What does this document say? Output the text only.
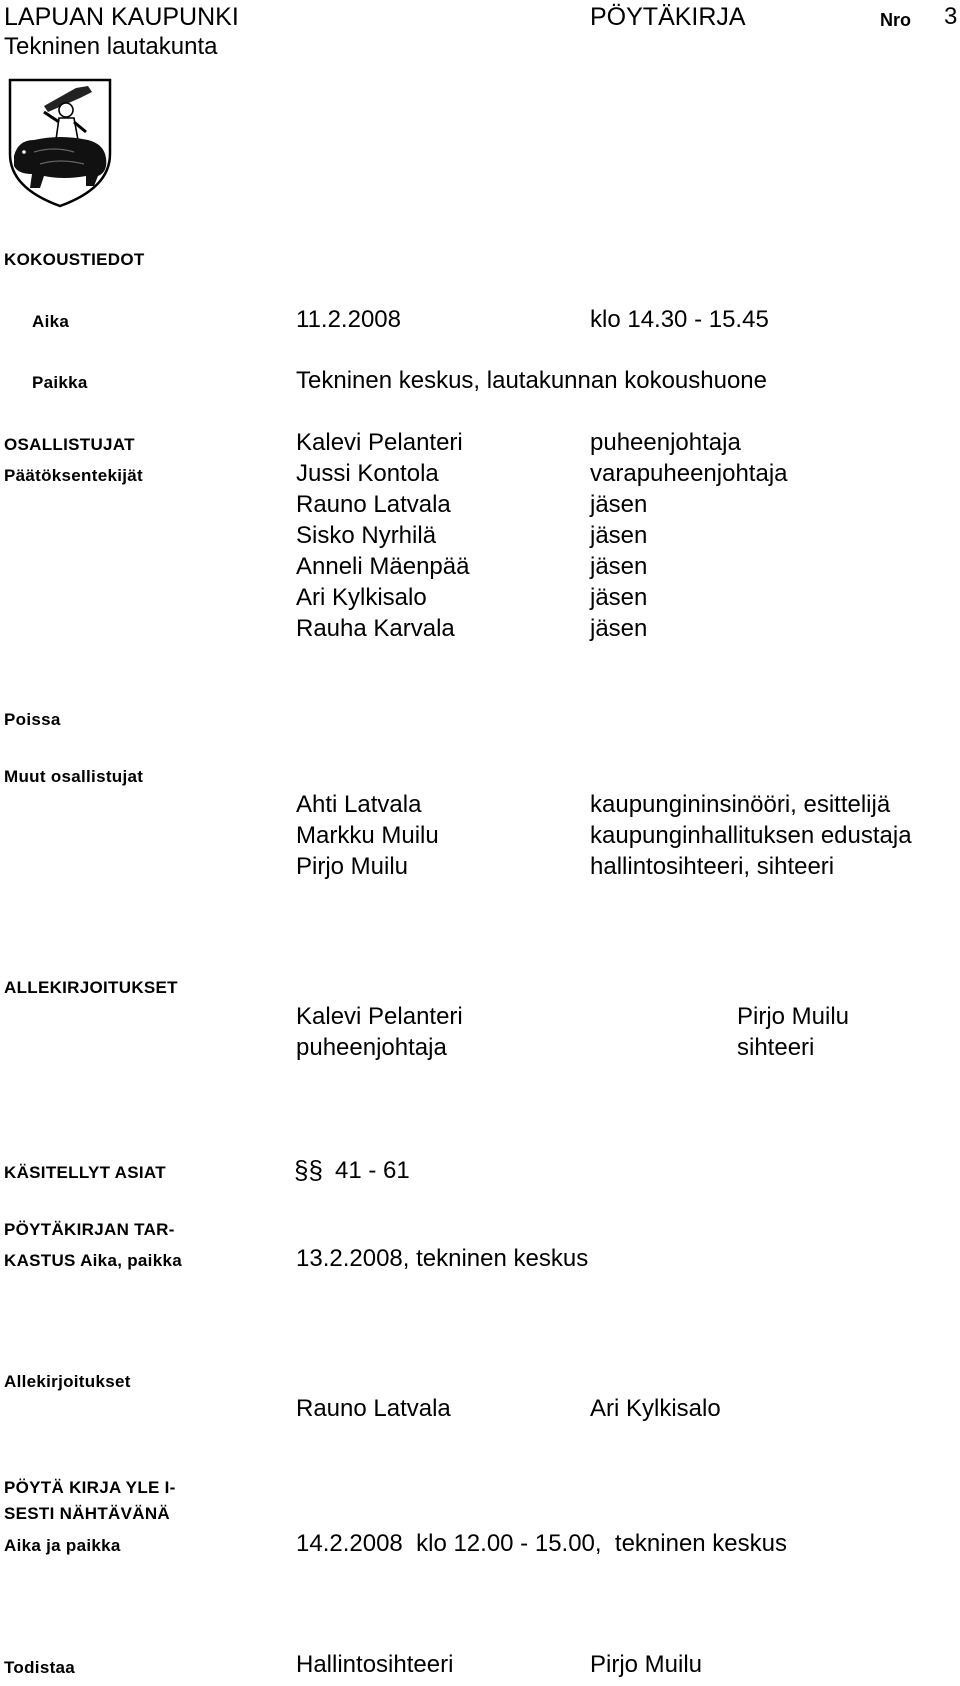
LAPUAN KAUPUNKI
Tekninen lautakunta
PÖYTÄKIRJA	Nro 3
KOKOUSTIEDOT
Aika	11.2.2008	klo 14.30 - 15.45
Paikka	Tekninen keskus, lautakunnan kokoushuone
OSALLISTUJAT
Päätöksentekijät
Kalevi Pelanteri	puheenjohtaja
Jussi Kontola	varapuheenjohtaja
Rauno Latvala	jäsen
Sisko Nyrhilä	jäsen
Anneli Mäenpää	jäsen
Ari Kylkisalo	jäsen
Rauha Karvala	jäsen
Poissa
Muut osallistujat
Ahti Latvala	kaupungininsinööri, esittelijä
Markku Muilu	kaupunginhallituksen edustaja
Pirjo Muilu	hallintosihteeri, sihteeri
ALLEKIRJOITUKSET
Kalevi Pelanteri	Pirjo Muilu
puheenjohtaja	sihteeri
KÄSITELLYT ASIAT	§§ 41 - 61
PÖYTÄKIRJAN TAR-
KASTUS Aika, paikka	13.2.2008, tekninen keskus
Allekirjoitukset
Rauno Latvala	Ari Kylkisalo
PÖYTÄ KIRJA YLE I-
SESTI NÄHTÄVÄNÄ
Aika ja paikka	14.2.2008  klo 12.00 - 15.00,  tekninen keskus
Todistaa	Hallintosihteeri	Pirjo Muilu
